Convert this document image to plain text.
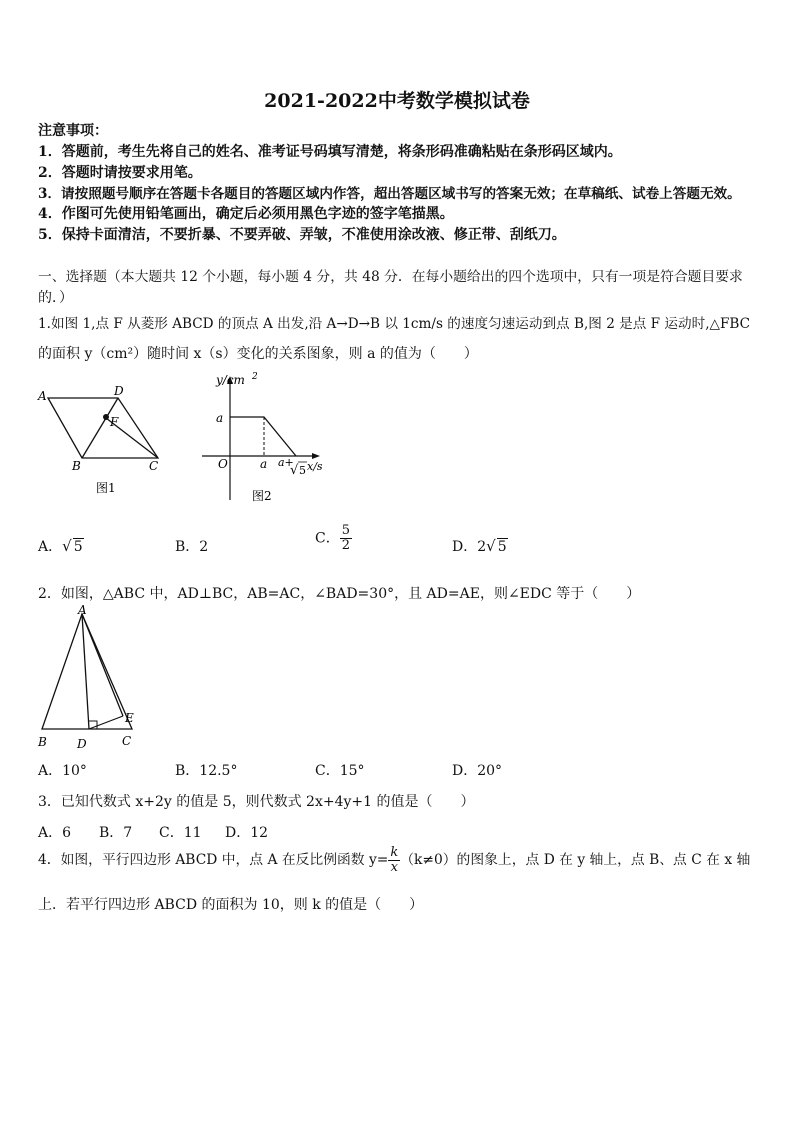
2021-2022中考数学模拟试卷
注意事项：
1．答题前，考生先将自己的姓名、准考证号码填写清楚，将条形码准确粘贴在条形码区域内。
2．答题时请按要求用笔。
3．请按照题号顺序在答题卡各题目的答题区域内作答，超出答题区域书写的答案无效；在草稿纸、试卷上答题无效。
4．作图可先使用铅笔画出，确定后必须用黑色字迹的签字笔描黑。
5．保持卡面清洁，不要折暴、不要弄破、弄皱，不准使用涂改液、修正带、刮纸刀。
一、选择题（本大题共 12 个小题，每小题 4 分，共 48 分．在每小题给出的四个选项中，只有一项是符合题目要求
的．）
1.如图 1,点 F 从菱形 ABCD 的顶点 A 出发,沿 A→D→B 以 1cm/s 的速度匀速运动到点 B,图 2 是点 F 运动时,△FBC
的面积 y（cm²）随时间 x（s）变化的关系图象，则 a 的值为（　　）
A	D
F
B	C
图1
y/cm 2
a
O	a a+
√ 5 x/s
图2
A．√ 5	B．2
C． $\frac{5}{2}$	D．2√ 5
2．如图，△ABC 中，AD⊥BC，AB=AC，∠BAD=30°，且 AD=AE，则∠EDC 等于（　　）
A
B	D	C
E
A．10°	B．12.5°	C．15°	D．20°
3．已知代数式 x+2y 的值是 5，则代数式 2x+4y+1 的值是（　　）
A．6 B．7 C．11 D．12
4．如图，平行四边形 ABCD 中，点 A 在反比例函数 $y= \frac{k}{x} (k\ne 0)$的图象上，点 D 在 y 轴上，点 B、点 C 在 x 轴
上．若平行四边形 ABCD 的面积为 10，则 k 的值是（　　）
